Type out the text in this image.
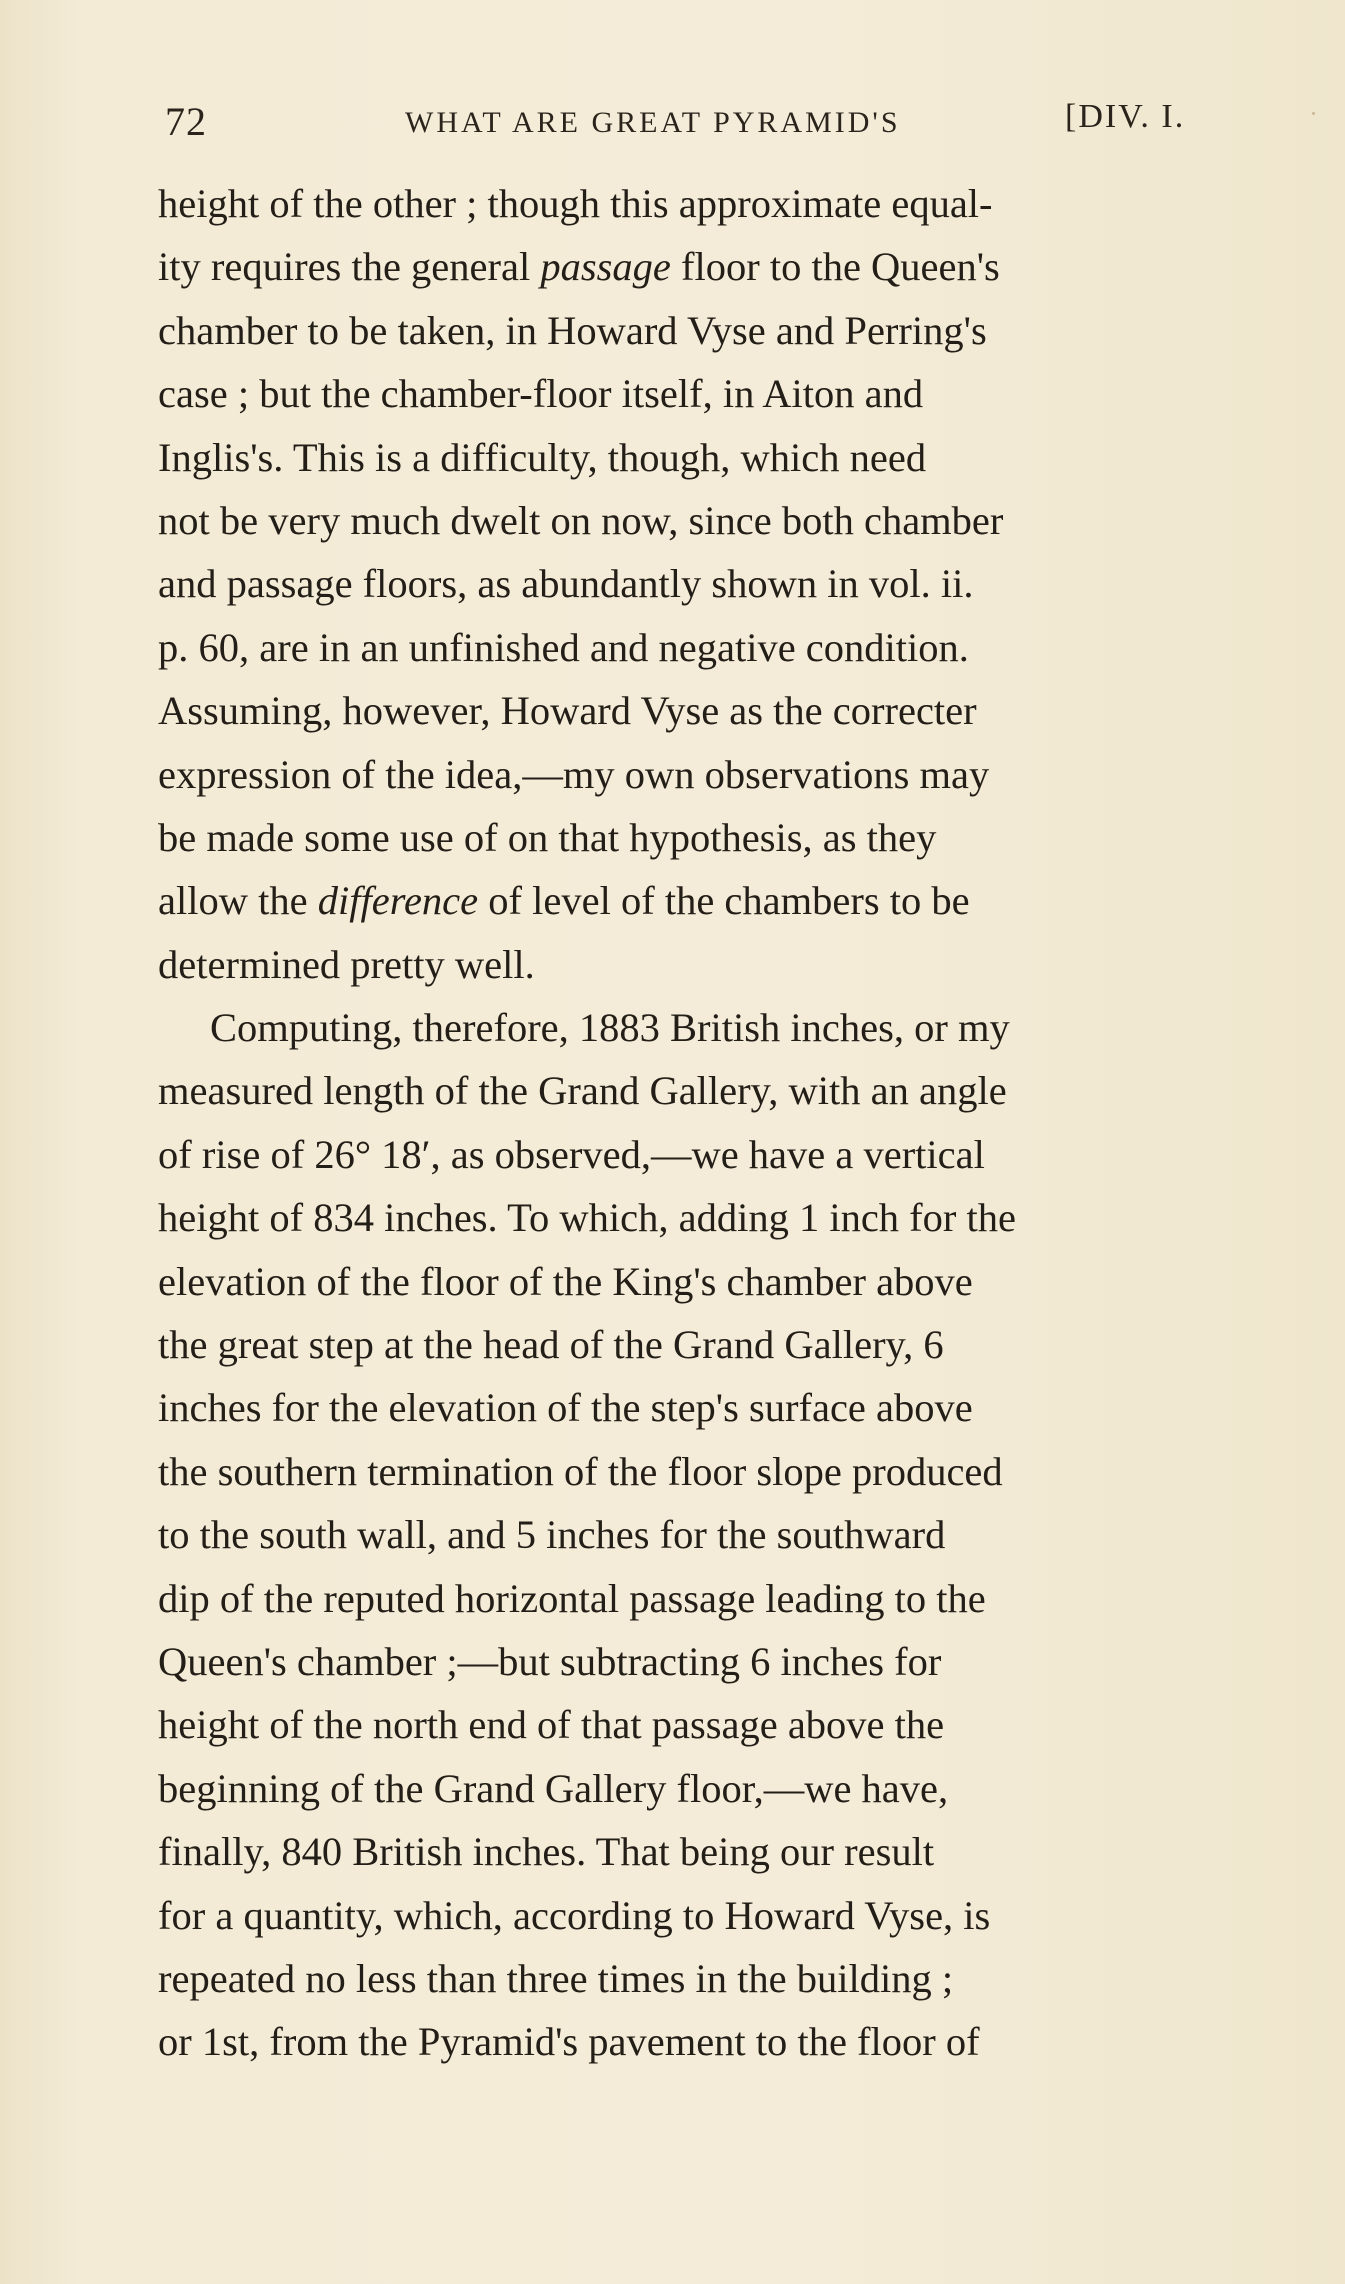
72	WHAT ARE GREAT PYRAMID'S	[DIV. I.
height of the other ; though this approximate equal-
ity requires the general passage floor to the Queen's
chamber to be taken, in Howard Vyse and Perring's
case ; but the chamber-floor itself, in Aiton and
Inglis's. This is a difficulty, though, which need
not be very much dwelt on now, since both chamber
and passage floors, as abundantly shown in vol. ii.
p. 60, are in an unfinished and negative condition.
Assuming, however, Howard Vyse as the correcter
expression of the idea,—my own observations may
be made some use of on that hypothesis, as they
allow the difference of level of the chambers to be
determined pretty well.
Computing, therefore, 1883 British inches, or my
measured length of the Grand Gallery, with an angle
of rise of 26° 18′, as observed,—we have a vertical
height of 834 inches. To which, adding 1 inch for the
elevation of the floor of the King's chamber above
the great step at the head of the Grand Gallery, 6
inches for the elevation of the step's surface above
the southern termination of the floor slope produced
to the south wall, and 5 inches for the southward
dip of the reputed horizontal passage leading to the
Queen's chamber ;—but subtracting 6 inches for
height of the north end of that passage above the
beginning of the Grand Gallery floor,—we have,
finally, 840 British inches. That being our result
for a quantity, which, according to Howard Vyse, is
repeated no less than three times in the building ;
or 1st, from the Pyramid's pavement to the floor of
